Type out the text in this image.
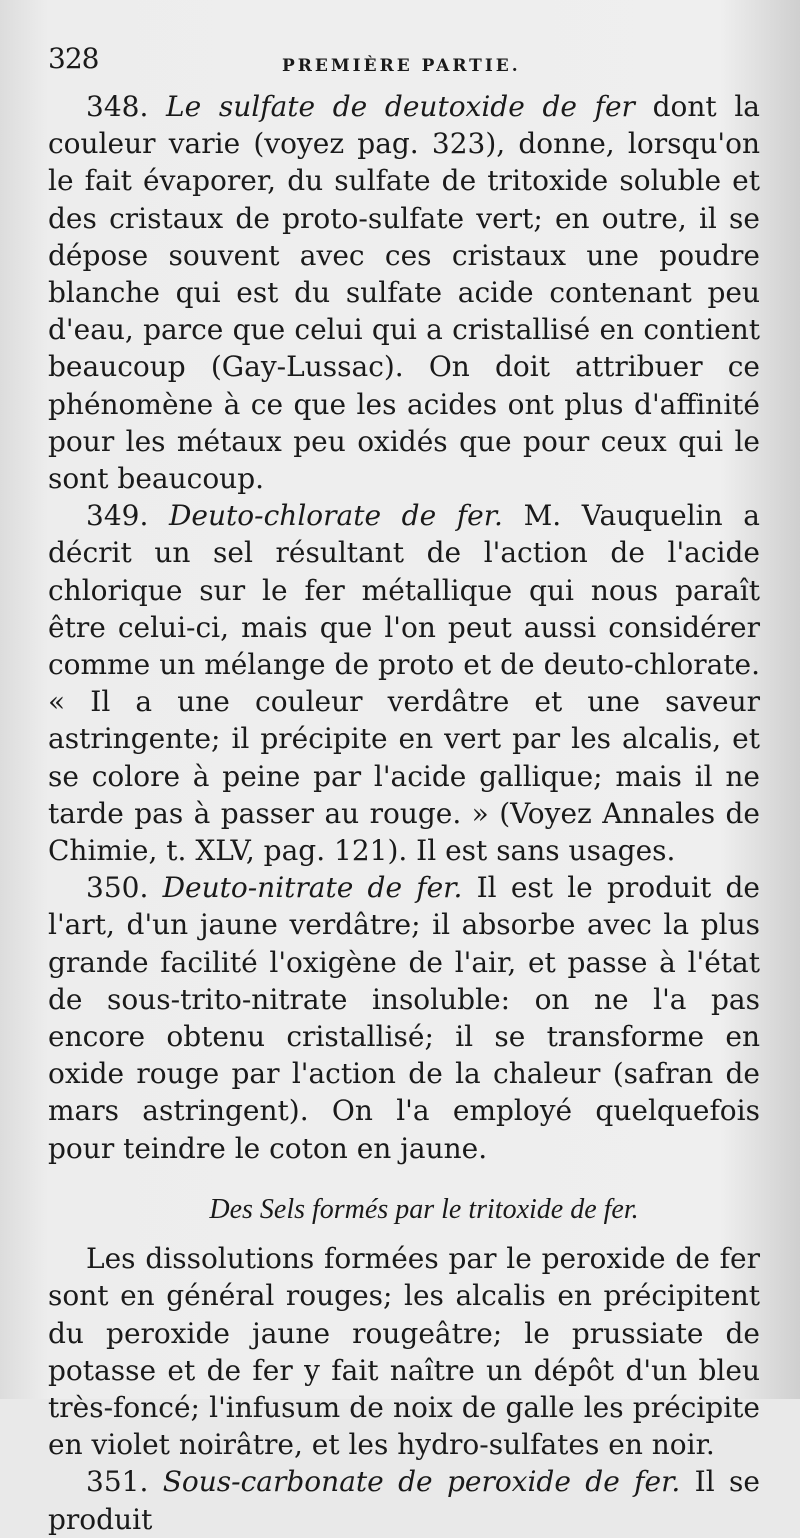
328	PREMIÈRE PARTIE.

348. Le sulfate de deutoxide de fer dont la couleur varie (voyez pag. 323), donne, lorsqu'on le fait évaporer, du sulfate de tritoxide soluble et des cristaux de proto-sulfate vert; en outre, il se dépose souvent avec ces cristaux une poudre blanche qui est du sulfate acide contenant peu d'eau, parce que celui qui a cristallisé en contient beaucoup (Gay-Lussac). On doit attribuer ce phénomène à ce que les acides ont plus d'affinité pour les métaux peu oxidés que pour ceux qui le sont beaucoup.

349. Deuto-chlorate de fer. M. Vauquelin a décrit un sel résultant de l'action de l'acide chlorique sur le fer métallique qui nous paraît être celui-ci, mais que l'on peut aussi considérer comme un mélange de proto et de deuto-chlorate. « Il a une couleur verdâtre et une saveur astringente; il précipite en vert par les alcalis, et se colore à peine par l'acide gallique; mais il ne tarde pas à passer au rouge. » (Voyez Annales de Chimie, t. XLV, pag. 121). Il est sans usages.

350. Deuto-nitrate de fer. Il est le produit de l'art, d'un jaune verdâtre; il absorbe avec la plus grande facilité l'oxigène de l'air, et passe à l'état de sous-trito-nitrate insoluble: on ne l'a pas encore obtenu cristallisé; il se transforme en oxide rouge par l'action de la chaleur (safran de mars astringent). On l'a employé quelquefois pour teindre le coton en jaune.

Des Sels formés par le tritoxide de fer.

Les dissolutions formées par le peroxide de fer sont en général rouges; les alcalis en précipitent du peroxide jaune rougeâtre; le prussiate de potasse et de fer y fait naître un dépôt d'un bleu très-foncé; l'infusum de noix de galle les précipite en violet noirâtre, et les hydro-sulfates en noir.

351. Sous-carbonate de peroxide de fer. Il se produit
